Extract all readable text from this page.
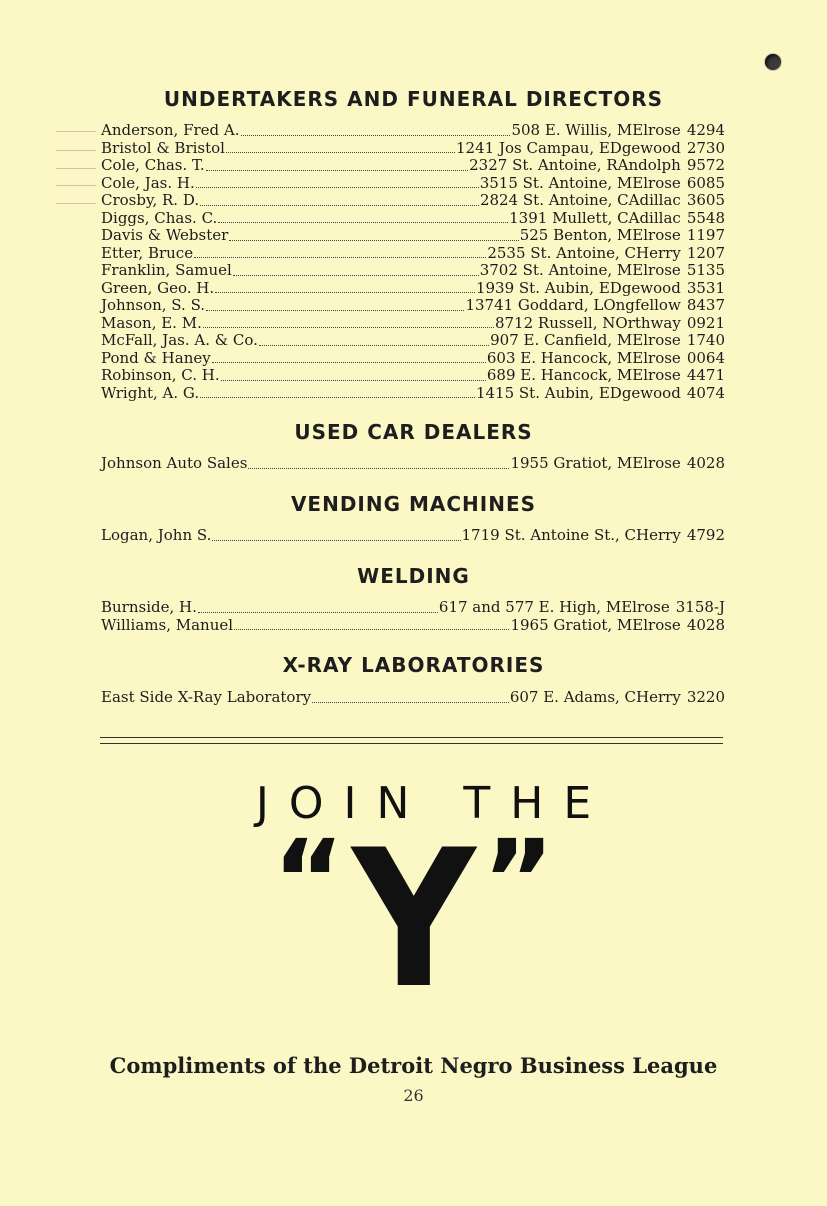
UNDERTAKERS AND FUNERAL DIRECTORS
Anderson, Fred A.	508 E. Willis, MElrose 4294
Bristol & Bristol	1241 Jos Campau, EDgewood 2730
Cole, Chas. T.	2327 St. Antoine, RAndolph 9572
Cole, Jas. H.	3515 St. Antoine, MElrose 6085
Crosby, R. D.	2824 St. Antoine, CAdillac 3605
Diggs, Chas. C.	1391 Mullett, CAdillac 5548
Davis & Webster	525 Benton, MElrose 1197
Etter, Bruce	2535 St. Antoine, CHerry 1207
Franklin, Samuel	3702 St. Antoine, MElrose 5135
Green, Geo. H.	1939 St. Aubin, EDgewood 3531
Johnson, S. S.	13741 Goddard, LOngfellow 8437
Mason, E. M.	8712 Russell, NOrthway 0921
McFall, Jas. A. & Co.	907 E. Canfield, MElrose 1740
Pond & Haney	603 E. Hancock, MElrose 0064
Robinson, C. H.	689 E. Hancock, MElrose 4471
Wright, A. G.	1415 St. Aubin, EDgewood 4074
USED CAR DEALERS
Johnson Auto Sales	1955 Gratiot, MElrose 4028
VENDING MACHINES
Logan, John S.	1719 St. Antoine St., CHerry 4792
WELDING
Burnside, H.	617 and 577 E. High, MElrose 3158-J
Williams, Manuel	1965 Gratiot, MElrose 4028
X-RAY LABORATORIES
East Side X-Ray Laboratory	607 E. Adams, CHerry 3220
JOIN THE
“Y”
Compliments of the Detroit Negro Business League
26
